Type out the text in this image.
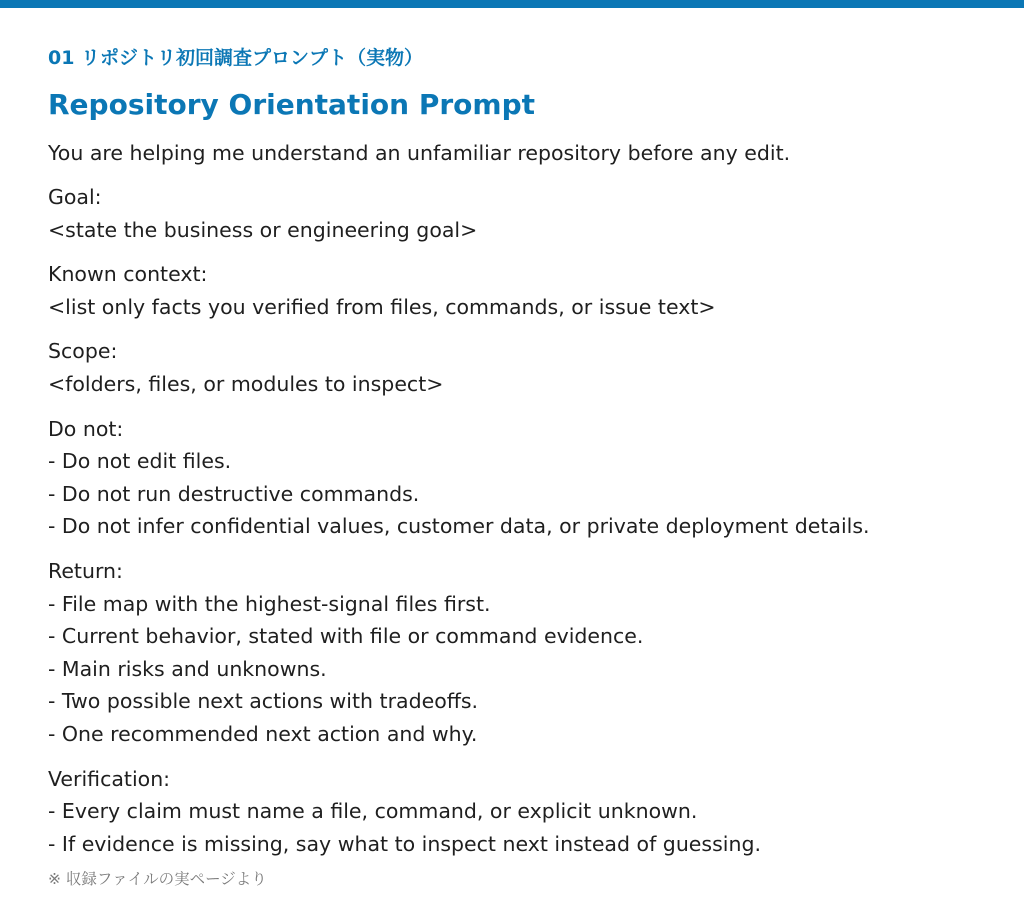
01 リポジトリ初回調査プロンプト（実物）

Repository Orientation Prompt

You are helping me understand an unfamiliar repository before any edit.

Goal:

<state the business or engineering goal>

Known context:

<list only facts you verified from files, commands, or issue text>

Scope:

<folders, files, or modules to inspect>

Do not:

- Do not edit files.

- Do not run destructive commands.

- Do not infer confidential values, customer data, or private deployment details.

Return:

- File map with the highest-signal files first.

- Current behavior, stated with file or command evidence.

- Main risks and unknowns.

- Two possible next actions with tradeoffs.

- One recommended next action and why.

Verification:

- Every claim must name a file, command, or explicit unknown.

- If evidence is missing, say what to inspect next instead of guessing.

※ 収録ファイルの実ページより
